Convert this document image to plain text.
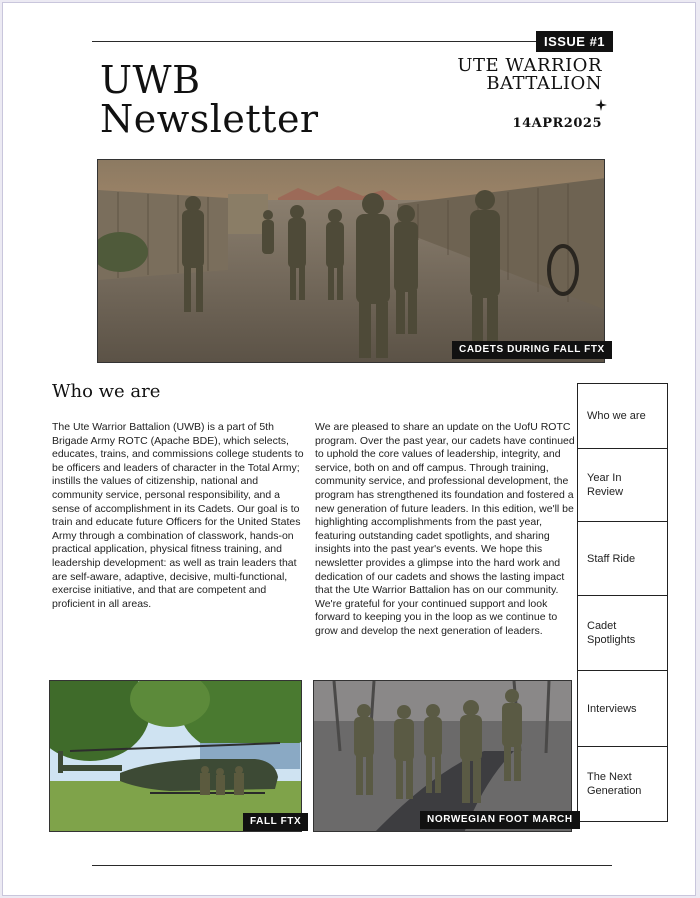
UWB
Newsletter
ISSUE #1
UTE WARRIOR
BATTALION
14APR2025
CADETS DURING FALL FTX
Who we are

The Ute Warrior Battalion (UWB) is a part of 5th Brigade Army ROTC (Apache BDE), which selects, educates, trains, and commissions college students to be officers and leaders of character in the Total Army; instills the values of citizenship, national and community service, personal responsibility, and a sense of accomplishment in its Cadets. Our goal is to train and educate future Officers for the United States Army through a combination of classwork, hands-on practical application, physical fitness training, and leadership development: as well as train leaders that are self-aware, adaptive, decisive, multi-functional, exercise initiative, and that are competent and proficient in all areas.

We are pleased to share an update on the UofU ROTC program. Over the past year, our cadets have continued to uphold the core values of leadership, integrity, and service, both on and off campus. Through training, community service, and professional development, the program has strengthened its foundation and fostered a new generation of future leaders. In this edition, we'll be highlighting accomplishments from the past year, featuring outstanding cadet spotlights, and sharing insights into the past year's events. We hope this newsletter provides a glimpse into the hard work and dedication of our cadets and shows the lasting impact that the Ute Warrior Battalion has on our community. We're grateful for your continued support and look forward to keeping you in the loop as we continue to grow and develop the next generation of leaders.

Who we are
Year In Review
Staff Ride
Cadet Spotlights
Interviews
The Next Generation
FALL FTX	NORWEGIAN FOOT MARCH
